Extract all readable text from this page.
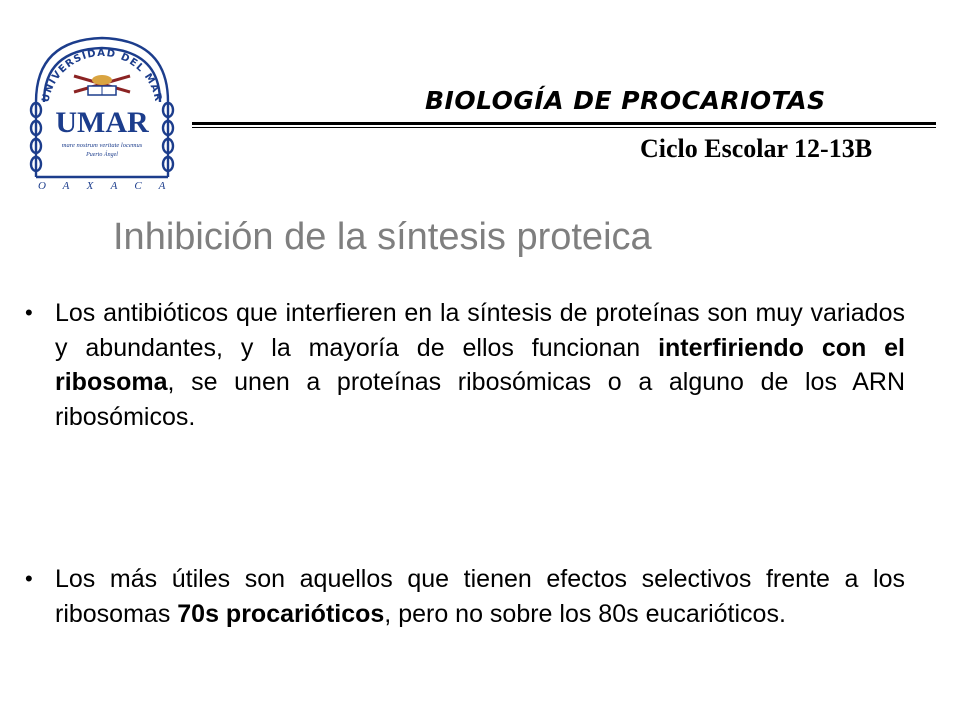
UNIVERSIDAD DEL MAR
UMAR
mare nostrum veritate locemus
Puerto Ángel
O A X A C A
BIOLOGÍA DE PROCARIOTAS
Ciclo Escolar 12-13B
Inhibición de la síntesis proteica
• Los antibióticos que interfieren en la síntesis de proteínas son muy variados y abundantes, y la mayoría de ellos funcionan interfiriendo con el ribosoma, se unen a proteínas ribosómicas o a alguno de los ARN ribosómicos.
• Los más útiles son aquellos que tienen efectos selectivos frente a los ribosomas 70s procarióticos, pero no sobre los 80s eucarióticos.
